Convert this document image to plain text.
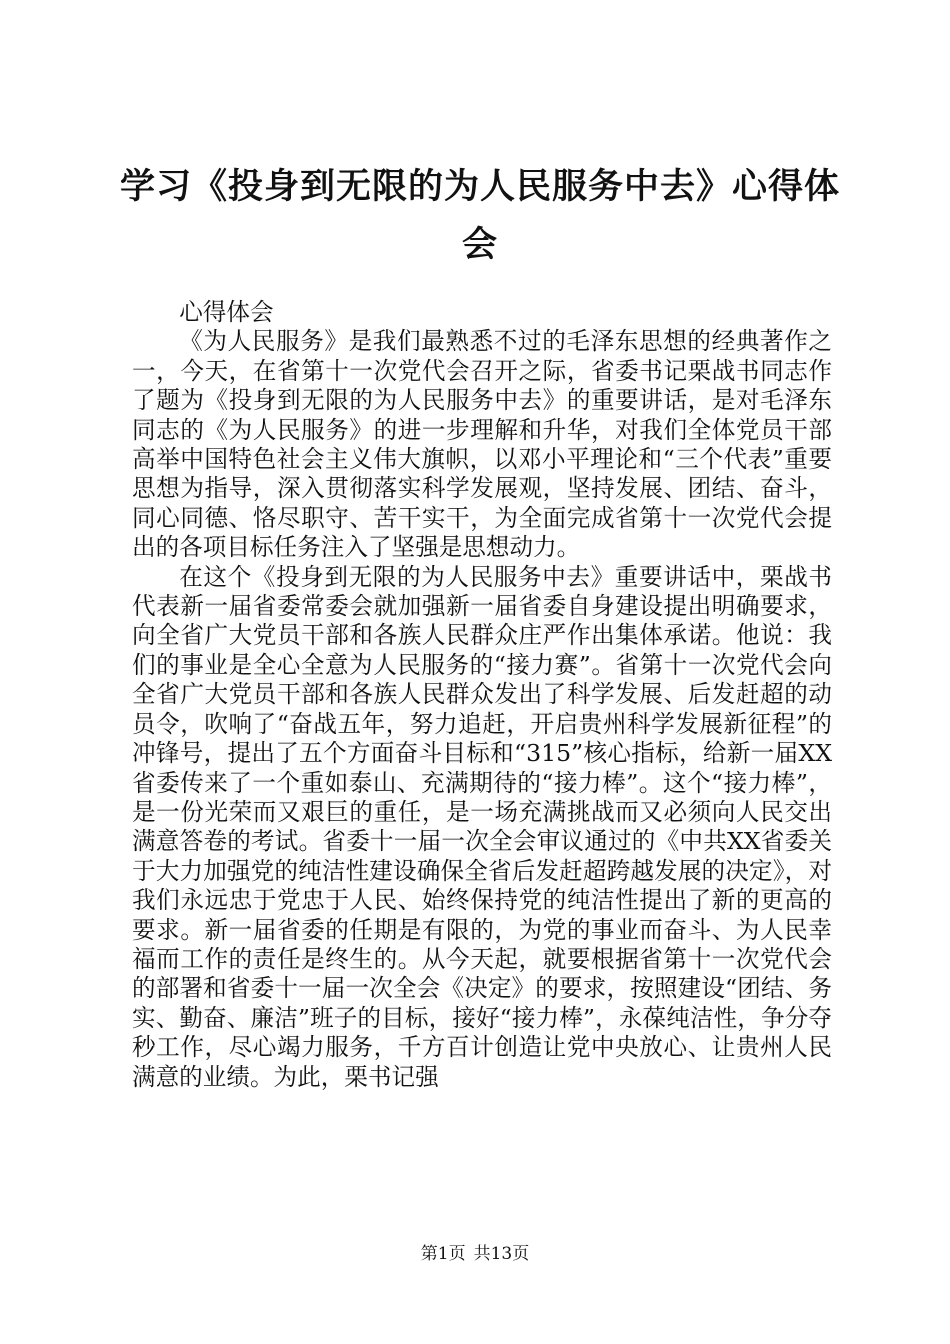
学习《投身到无限的为人民服务中去》心得体会

心得体会

《为人民服务》是我们最熟悉不过的毛泽东思想的经典著作之一，今天，在省第十一次党代会召开之际，省委书记栗战书同志作了题为《投身到无限的为人民服务中去》的重要讲话，是对毛泽东同志的《为人民服务》的进一步理解和升华，对我们全体党员干部高举中国特色社会主义伟大旗帜，以邓小平理论和“三个代表”重要思想为指导，深入贯彻落实科学发展观，坚持发展、团结、奋斗，同心同德、恪尽职守、苦干实干，为全面完成省第十一次党代会提出的各项目标任务注入了坚强是思想动力。

在这个《投身到无限的为人民服务中去》重要讲话中，栗战书代表新一届省委常委会就加强新一届省委自身建设提出明确要求，向全省广大党员干部和各族人民群众庄严作出集体承诺。他说：我们的事业是全心全意为人民服务的“接力赛”。省第十一次党代会向全省广大党员干部和各族人民群众发出了科学发展、后发赶超的动员令，吹响了“奋战五年，努力追赶，开启贵州科学发展新征程”的冲锋号，提出了五个方面奋斗目标和“315”核心指标，给新一届XX省委传来了一个重如泰山、充满期待的“接力棒”。这个“接力棒”，是一份光荣而又艰巨的重任，是一场充满挑战而又必须向人民交出满意答卷的考试。省委十一届一次全会审议通过的《中共XX省委关于大力加强党的纯洁性建设确保全省后发赶超跨越发展的决定》，对我们永远忠于党忠于人民、始终保持党的纯洁性提出了新的更高的要求。新一届省委的任期是有限的，为党的事业而奋斗、为人民幸福而工作的责任是终生的。从今天起，就要根据省第十一次党代会的部署和省委十一届一次全会《决定》的要求，按照建设“团结、务实、勤奋、廉洁”班子的目标，接好“接力棒”，永葆纯洁性，争分夺秒工作，尽心竭力服务，千方百计创造让党中央放心、让贵州人民满意的业绩。为此，栗书记强

第1页 共13页
